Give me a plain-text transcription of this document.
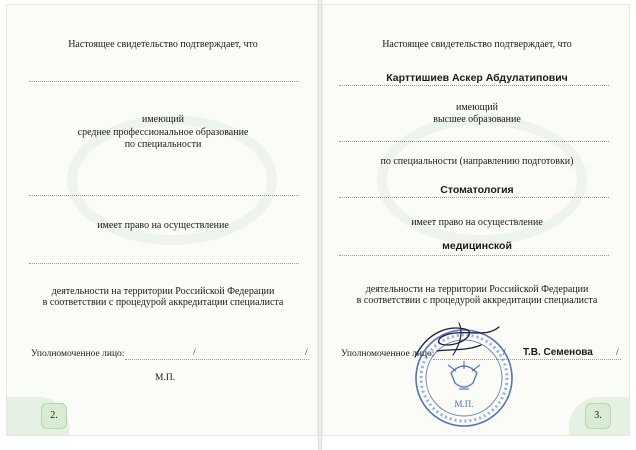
Настоящее свидетельство подтверждает, что
имеющий
среднее профессиональное образование
по специальности
имеет право на осуществление
деятельности на территории Российской Федерации
в соответствии с процедурой аккредитации специалиста
Уполномоченное лицо:	/	/
М.П.
2.
Настоящее свидетельство подтверждает, что
Карттишиев Аскер Абдулатипович
имеющий
высшее образование
по специальности (направлению подготовки)
Стоматология
имеет право на осуществление
медицинской
деятельности на территории Российской Федерации
в соответствии с процедурой аккредитации специалиста
Уполномоченное лицо:	/ Т.В. Семенова /
М.П.
3.
